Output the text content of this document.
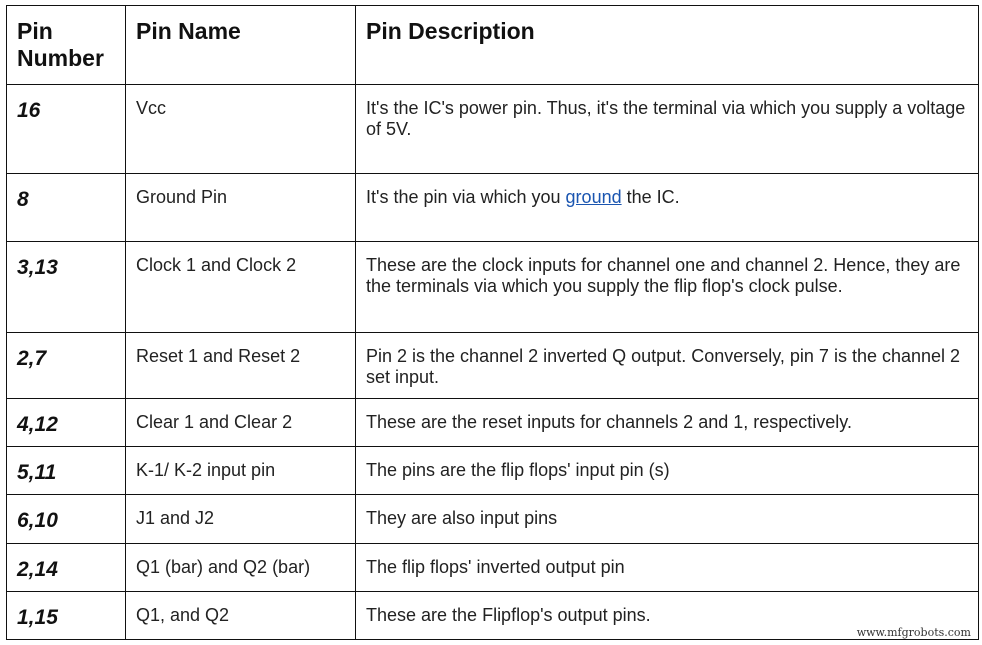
Pin Number	Pin Name	Pin Description
16	Vcc	It's the IC's power pin. Thus, it's the terminal via which you supply a voltage of 5V.
8	Ground Pin	It's the pin via which you ground the IC.
3,13	Clock 1 and Clock 2	These are the clock inputs for channel one and channel 2. Hence, they are the terminals via which you supply the flip flop's clock pulse.
2,7	Reset 1 and Reset 2	Pin 2 is the channel 2 inverted Q output. Conversely, pin 7 is the channel 2 set input.
4,12	Clear 1 and Clear 2	These are the reset inputs for channels 2 and 1, respectively.
5,11	K-1/ K-2 input pin	The pins are the flip flops' input pin (s)
6,10	J1 and J2	They are also input pins
2,14	Q1 (bar) and Q2 (bar)	The flip flops' inverted output pin
1,15	Q1, and Q2	These are the Flipflop's output pins.
www.mfgrobots.com
